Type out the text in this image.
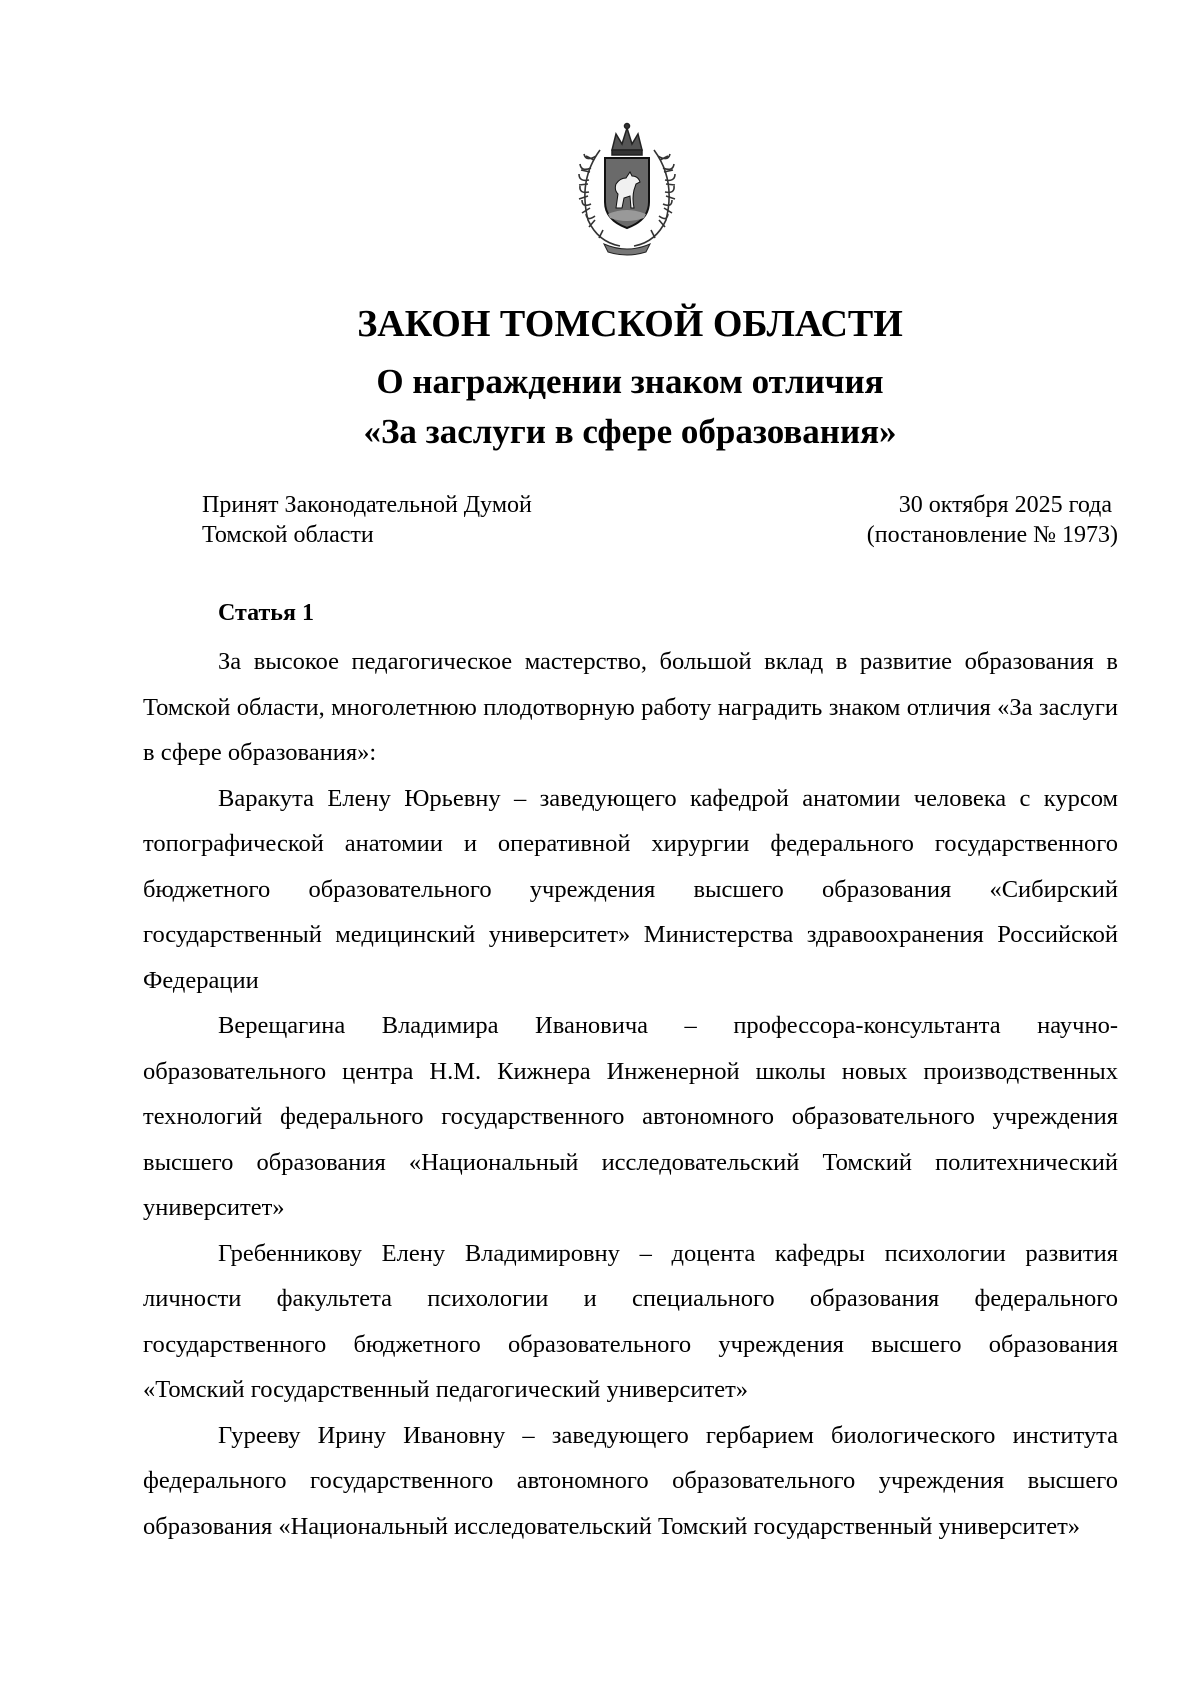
ЗАКОН ТОМСКОЙ ОБЛАСТИ
О награждении знаком отличия
«За заслуги в сфере образования»
Принят Законодательной Думой
Томской области
30 октября 2025 года
(постановление № 1973)
Статья 1

За высокое педагогическое мастерство, большой вклад в развитие образования в Томской области, многолетнюю плодотворную работу наградить знаком отличия «За заслуги в сфере образования»:

Варакута Елену Юрьевну – заведующего кафедрой анатомии человека с курсом топографической анатомии и оперативной хирургии федерального государственного бюджетного образовательного учреждения высшего образования «Сибирский государственный медицинский университет» Министерства здравоохранения Российской Федерации

Верещагина Владимира Ивановича – профессора-консультанта научно-образовательного центра Н.М. Кижнера Инженерной школы новых производственных технологий федерального государственного автономного образовательного учреждения высшего образования «Национальный исследовательский Томский политехнический университет»

Гребенникову Елену Владимировну – доцента кафедры психологии развития личности факультета психологии и специального образования федерального государственного бюджетного образовательного учреждения высшего образования «Томский государственный педагогический университет»

Гурееву Ирину Ивановну – заведующего гербарием биологического института федерального государственного автономного образовательного учреждения высшего образования «Национальный исследовательский Томский государственный университет»
